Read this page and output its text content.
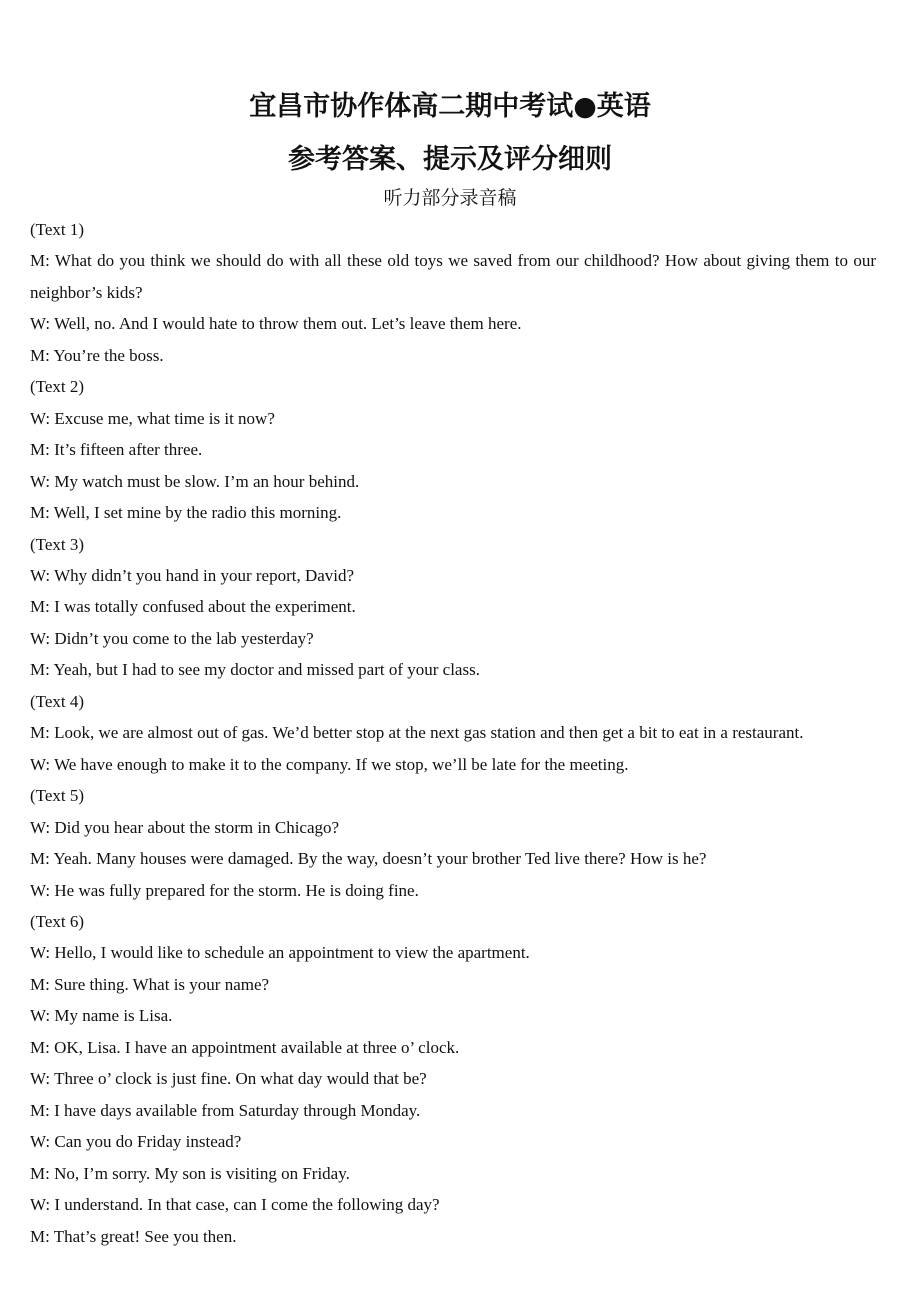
宜昌市协作体高二期中考试●英语
参考答案、提示及评分细则
听力部分录音稿

(Text 1)

M: What do you think we should do with all these old toys we saved from our childhood? How about giving them to our neighbor’s kids?

W: Well, no. And I would hate to throw them out. Let’s leave them here.

M: You’re the boss.

(Text 2)

W: Excuse me, what time is it now?

M: It’s fifteen after three.

W: My watch must be slow. I’m an hour behind.

M: Well, I set mine by the radio this morning.

(Text 3)

W: Why didn’t you hand in your report, David?

M: I was totally confused about the experiment.

W: Didn’t you come to the lab yesterday?

M: Yeah, but I had to see my doctor and missed part of your class.

(Text 4)

M: Look, we are almost out of gas. We’d better stop at the next gas station and then get a bit to eat in a restaurant.

W: We have enough to make it to the company. If we stop, we’ll be late for the meeting.

(Text 5)

W: Did you hear about the storm in Chicago?

M: Yeah. Many houses were damaged. By the way, doesn’t your brother Ted live there? How is he?

W: He was fully prepared for the storm. He is doing fine.

(Text 6)

W: Hello, I would like to schedule an appointment to view the apartment.

M: Sure thing. What is your name?

W: My name is Lisa.

M: OK, Lisa. I have an appointment available at three o’ clock.

W: Three o’ clock is just fine. On what day would that be?

M: I have days available from Saturday through Monday.

W: Can you do Friday instead?

M: No, I’m sorry. My son is visiting on Friday.

W: I understand. In that case, can I come the following day?

M: That’s great! See you then.
